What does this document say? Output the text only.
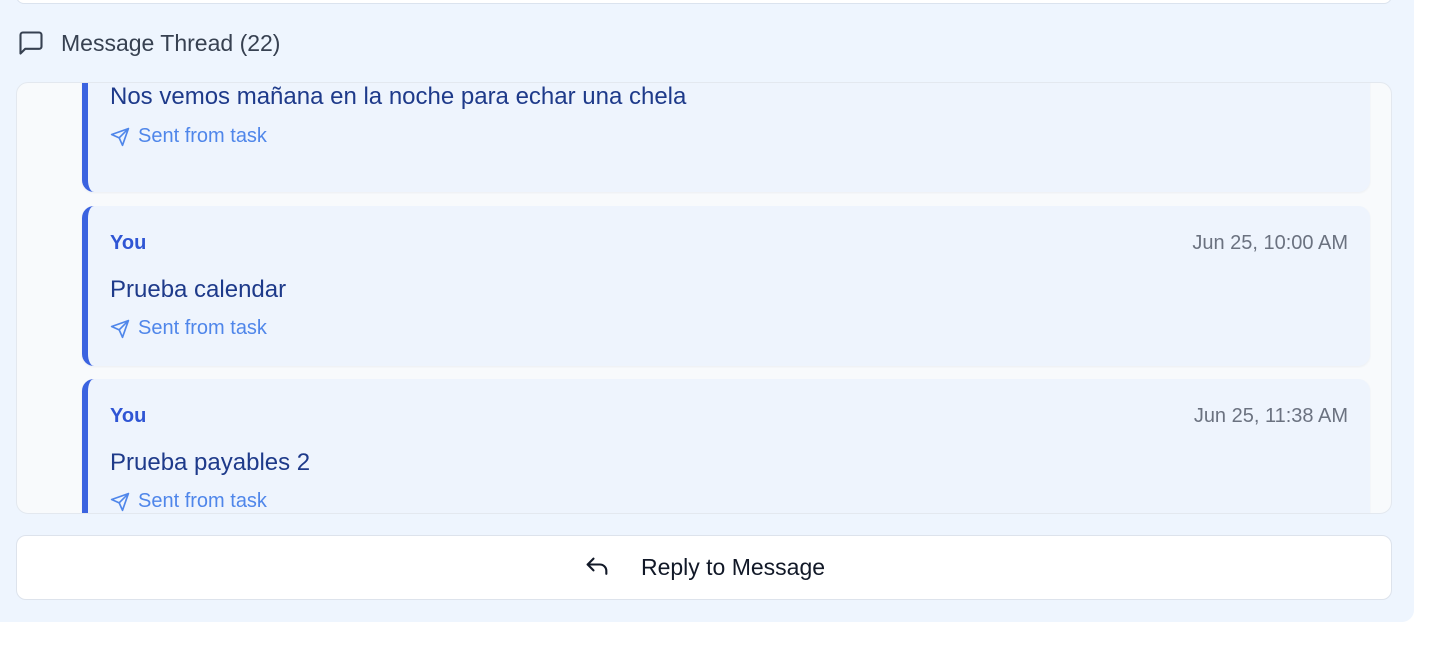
Message Thread (22)
Nos vemos mañana en la noche para echar una chela
Sent from task
You	Jun 25, 10:00 AM
Prueba calendar
Sent from task
You	Jun 25, 11:38 AM
Prueba payables 2
Sent from task
Reply to Message
